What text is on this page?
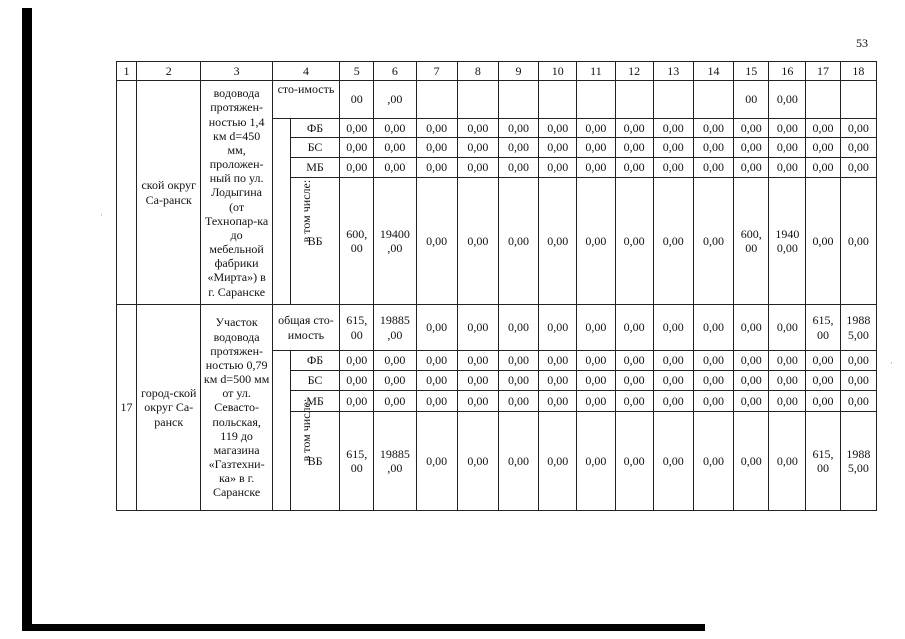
·
·
53
1	2	3	4		5	6	7	8	9	10	11	12	13	14	15	16	17	18
	ской округ Са-ранск	водовода протяжен-ностью 1,4 км d=450 мм, проложен-ный по ул. Лодыгина (от Технопар-ка до мебельной фабрики «Мирта») в г. Саранске	сто-имость		00	,00									00	0,00		
			в том числе:	ФБ	0,00	0,00	0,00	0,00	0,00	0,00	0,00	0,00	0,00	0,00	0,00	0,00	0,00	0,00
				БС	0,00	0,00	0,00	0,00	0,00	0,00	0,00	0,00	0,00	0,00	0,00	0,00	0,00	0,00
				МБ	0,00	0,00	0,00	0,00	0,00	0,00	0,00	0,00	0,00	0,00	0,00	0,00	0,00	0,00
				ВБ	600, 00	19400 ,00	0,00	0,00	0,00	0,00	0,00	0,00	0,00	0,00	600, 00	1940 0,00	0,00	0,00
17	город-ской округ Са-ранск	Участок водовода протяжен-ностью 0,79 км d=500 мм от ул. Севасто-польская, 119 до магазина «Газтехни-ка» в г. Саранске	общая сто-имость		615, 00	19885 ,00	0,00	0,00	0,00	0,00	0,00	0,00	0,00	0,00	0,00	0,00	615, 00	1988 5,00
			в том числе:	ФБ	0,00	0,00	0,00	0,00	0,00	0,00	0,00	0,00	0,00	0,00	0,00	0,00	0,00	0,00
				БС	0,00	0,00	0,00	0,00	0,00	0,00	0,00	0,00	0,00	0,00	0,00	0,00	0,00	0,00
				МБ	0,00	0,00	0,00	0,00	0,00	0,00	0,00	0,00	0,00	0,00	0,00	0,00	0,00	0,00
				ВБ	615, 00	19885 ,00	0,00	0,00	0,00	0,00	0,00	0,00	0,00	0,00	0,00	0,00	615, 00	1988 5,00
